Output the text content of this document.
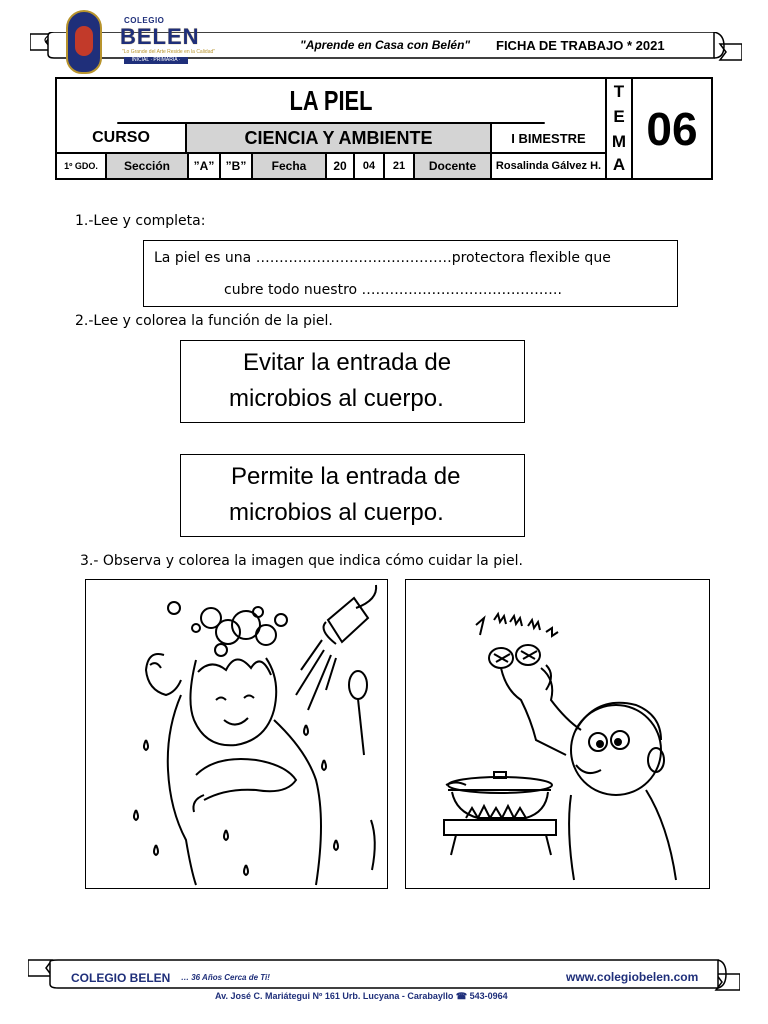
COLEGIO
BELEN
"Lo Grande del Arte Reside en la Calidad"
INICIAL · PRIMARIA · SECUNDARIA
"Aprende en Casa con Belén" FICHA DE TRABAJO * 2021
LA PIEL	T
E
M
A
06
CURSO	CIENCIA Y AMBIENTE	I BIMESTRE
1º GDO.	Sección	”A” ”B”	Fecha	20	04	21	Docente	Rosalinda Gálvez H.
1.-Lee y completa:
La piel es una ……………………………………protectora flexible que
cubre todo nuestro …………………………………….
2.-Lee y colorea la función de la piel.
Evitar la entrada de
microbios al cuerpo.
Permite la entrada de
microbios al cuerpo.
3.- Observa y colorea la imagen que indica cómo cuidar la piel.
COLEGIO BELEN … 36 Años Cerca de Ti!	www.colegiobelen.com
Av. José C. Mariátegui Nº 161 Urb. Lucyana - Carabayllo ☎ 543-0964
